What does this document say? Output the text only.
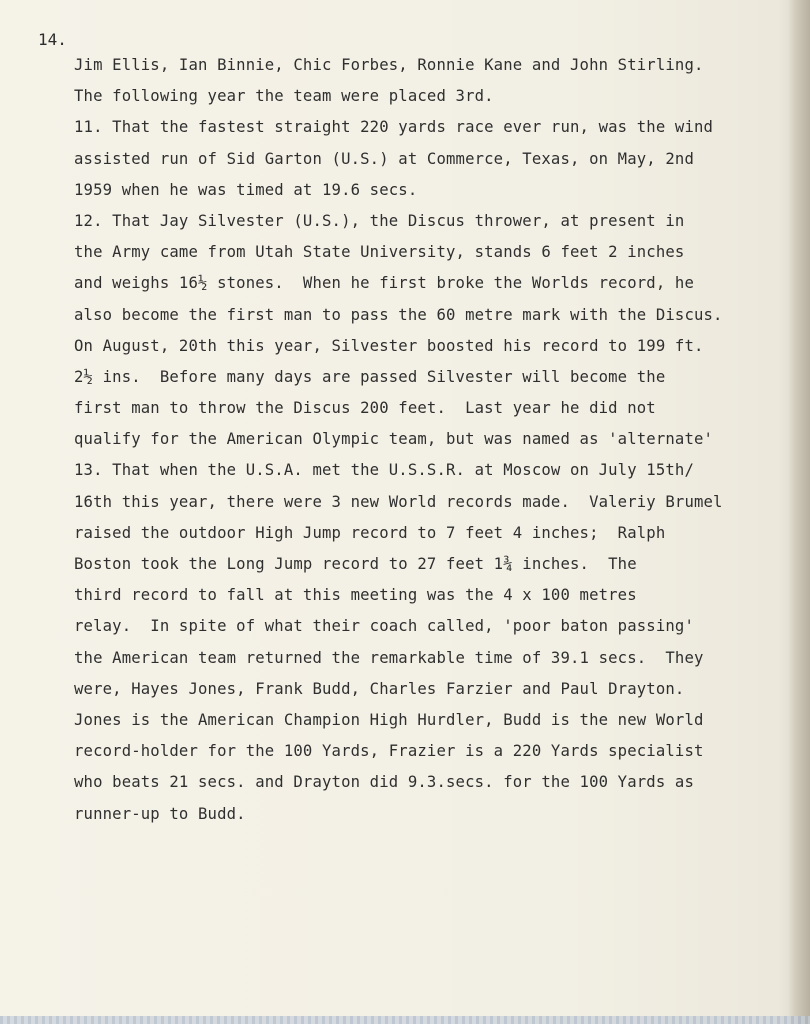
14.
Jim Ellis, Ian Binnie, Chic Forbes, Ronnie Kane and John Stirling.
The following year the team were placed 3rd.
11. That the fastest straight 220 yards race ever run, was the wind
assisted run of Sid Garton (U.S.) at Commerce, Texas, on May, 2nd
1959 when he was timed at 19.6 secs.
12. That Jay Silvester (U.S.), the Discus thrower, at present in
the Army came from Utah State University, stands 6 feet 2 inches
and weighs 16½ stones.  When he first broke the Worlds record, he
also become the first man to pass the 60 metre mark with the Discus.
On August, 20th this year, Silvester boosted his record to 199 ft.
2½ ins.  Before many days are passed Silvester will become the
first man to throw the Discus 200 feet.  Last year he did not
qualify for the American Olympic team, but was named as 'alternate'
13. That when the U.S.A. met the U.S.S.R. at Moscow on July 15th/
16th this year, there were 3 new World records made.  Valeriy Brumel
raised the outdoor High Jump record to 7 feet 4 inches;  Ralph
Boston took the Long Jump record to 27 feet 1¾ inches.  The
third record to fall at this meeting was the 4 x 100 metres
relay.  In spite of what their coach called, 'poor baton passing'
the American team returned the remarkable time of 39.1 secs.  They
were, Hayes Jones, Frank Budd, Charles Farzier and Paul Drayton.
Jones is the American Champion High Hurdler, Budd is the new World
record-holder for the 100 Yards, Frazier is a 220 Yards specialist
who beats 21 secs. and Drayton did 9.3.secs. for the 100 Yards as
runner-up to Budd.
